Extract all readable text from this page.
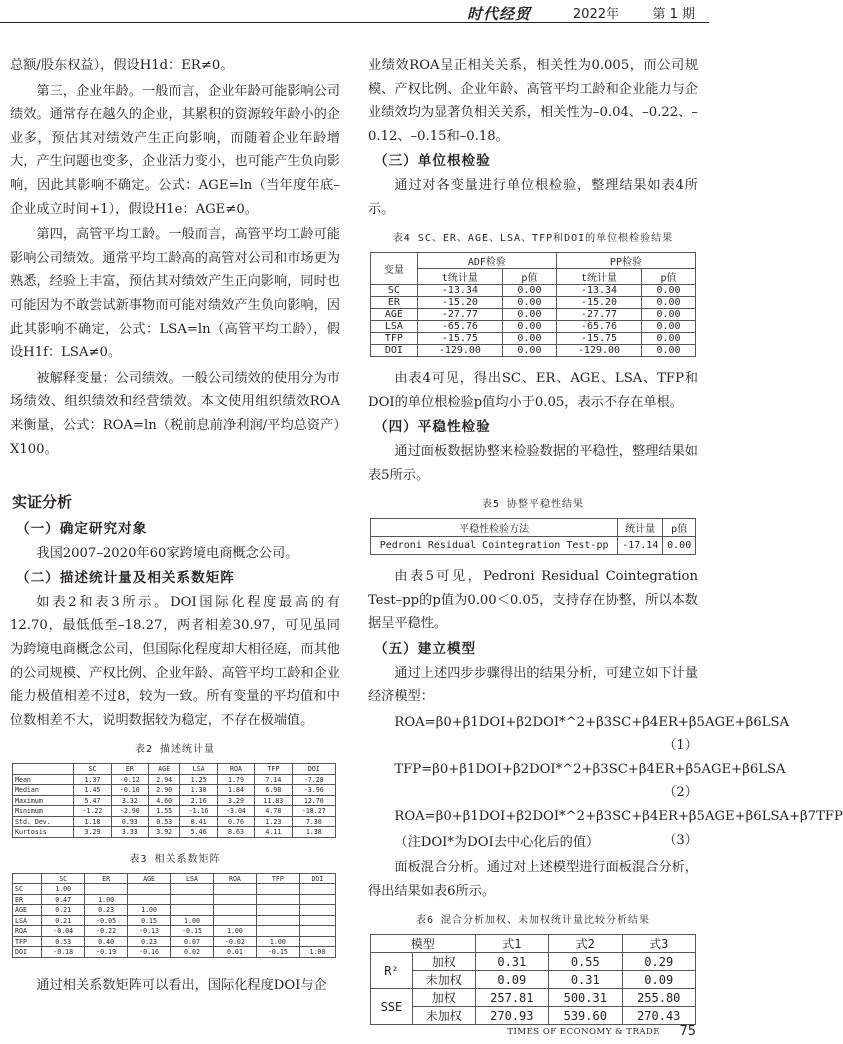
时代经贸	2022年	第 1 期

总额/股东权益），假设H1d：ER≠0。

第三，企业年龄。一般而言，企业年龄可能影响公司绩效。通常存在越久的企业，其累积的资源较年龄小的企业多，预估其对绩效产生正向影响，而随着企业年龄增大，产生问题也变多，企业活力变小，也可能产生负向影响，因此其影响不确定。公式：AGE=ln（当年度年底–企业成立时间+1），假设H1e：AGE≠0。

第四，高管平均工龄。一般而言，高管平均工龄可能影响公司绩效。通常平均工龄高的高管对公司和市场更为熟悉，经验上丰富，预估其对绩效产生正向影响，同时也可能因为不敢尝试新事物而可能对绩效产生负向影响，因此其影响不确定，公式：LSA=ln（高管平均工龄），假设H1f：LSA≠0。

被解释变量：公司绩效。一般公司绩效的使用分为市场绩效、组织绩效和经营绩效。本文使用组织绩效ROA来衡量，公式：ROA=ln（税前息前净利润/平均总资产）X100。

实证分析
（一）确定研究对象

我国2007–2020年60家跨境电商概念公司。

（二）描述统计量及相关系数矩阵

如表2和表3所示。DOI国际化程度最高的有12.70，最低低至–18.27，两者相差30.97，可见虽同为跨境电商概念公司，但国际化程度却大相径庭，而其他的公司规模、产权比例、企业年龄、高管平均工龄和企业能力极值相差不过8，较为一致。所有变量的平均值和中位数相差不大，说明数据较为稳定，不存在极端值。

表2 描述统计量
	SC	ER	AGE	LSA	ROA	TFP	DOI
Mean	1.37	-0.12	2.94	1.25	1.79	7.14	-7.28
Median	1.45	-0.10	2.90	1.30	1.84	6.98	-3.96
Maximum	5.47	3.32	4.60	2.16	3.29	11.83	12.70
Minimum	-1.22	-2.90	1.55	-1.16	-3.04	4.78	-18.27
Std. Dev.	1.18	0.93	0.53	0.41	0.76	1.23	7.30
Kurtosis	3.29	3.33	3.92	5.46	8.63	4.11	1.38
表3 相关系数矩阵
	SC	ER	AGE	LSA	ROA	TFP	DOI
SC	1.00						
ER	0.47	1.00					
AGE	0.21	0.23	1.00				
LSA	0.21	-0.05	0.15	1.00			
ROA	-0.04	-0.22	-0.13	-0.15	1.00		
TFP	0.53	0.40	0.23	0.07	-0.02	1.00	
DOI	-0.18	-0.19	-0.16	0.02	0.01	-0.15	1.00

通过相关系数矩阵可以看出，国际化程度DOI与企

业绩效ROA呈正相关关系，相关性为0.005，而公司规模、产权比例、企业年龄、高管平均工龄和企业能力与企业绩效均为显著负相关关系，相关性为–0.04、–0.22、–0.12、–0.15和–0.18。

（三）单位根检验

通过对各变量进行单位根检验，整理结果如表4所示。

表4 SC、ER、AGE、LSA、TFP和DOI的单位根检验结果
变量	ADF检验		PP检验	
	t统计量	p值	t统计量	p值
SC	-13.34	0.00	-13.34	0.00
ER	-15.20	0.00	-15.20	0.00
AGE	-27.77	0.00	-27.77	0.00
LSA	-65.76	0.00	-65.76	0.00
TFP	-15.75	0.00	-15.75	0.00
DOI	-129.00	0.00	-129.00	0.00

由表4可见，得出SC、ER、AGE、LSA、TFP和DOI的单位根检验p值均小于0.05，表示不存在单根。

（四）平稳性检验

通过面板数据协整来检验数据的平稳性，整理结果如表5所示。

表5 协整平稳性结果
平稳性检验方法	统计量	p值
Pedroni Residual Cointegration Test-pp	-17.14	0.00

由表5可见，Pedroni Residual Cointegration Test–pp的p值为0.00＜0.05，支持存在协整，所以本数据呈平稳性。

（五）建立模型

通过上述四步步骤得出的结果分析，可建立如下计量经济模型：

ROA=β0+β1DOI+β2DOI*^2+β3SC+β4ER+β5AGE+β6LSA
（1）

TFP=β0+β1DOI+β2DOI*^2+β3SC+β4ER+β5AGE+β6LSA
（2）

ROA=β0+β1DOI+β2DOI*^2+β3SC+β4ER+β5AGE+β6LSA+β7TFP
（3）

（注DOI*为DOI去中心化后的值）

面板混合分析。通过对上述模型进行面板混合分析，得出结果如表6所示。

表6 混合分析加权、未加权统计量比较分析结果
模型		式1	式2	式3
R²	加权	0.31	0.55	0.29
	未加权	0.09	0.31	0.09
SSE	加权	257.81	500.31	255.80
	未加权	270.93	539.60	270.43
TIMES OF ECONOMY & TRADE 75
